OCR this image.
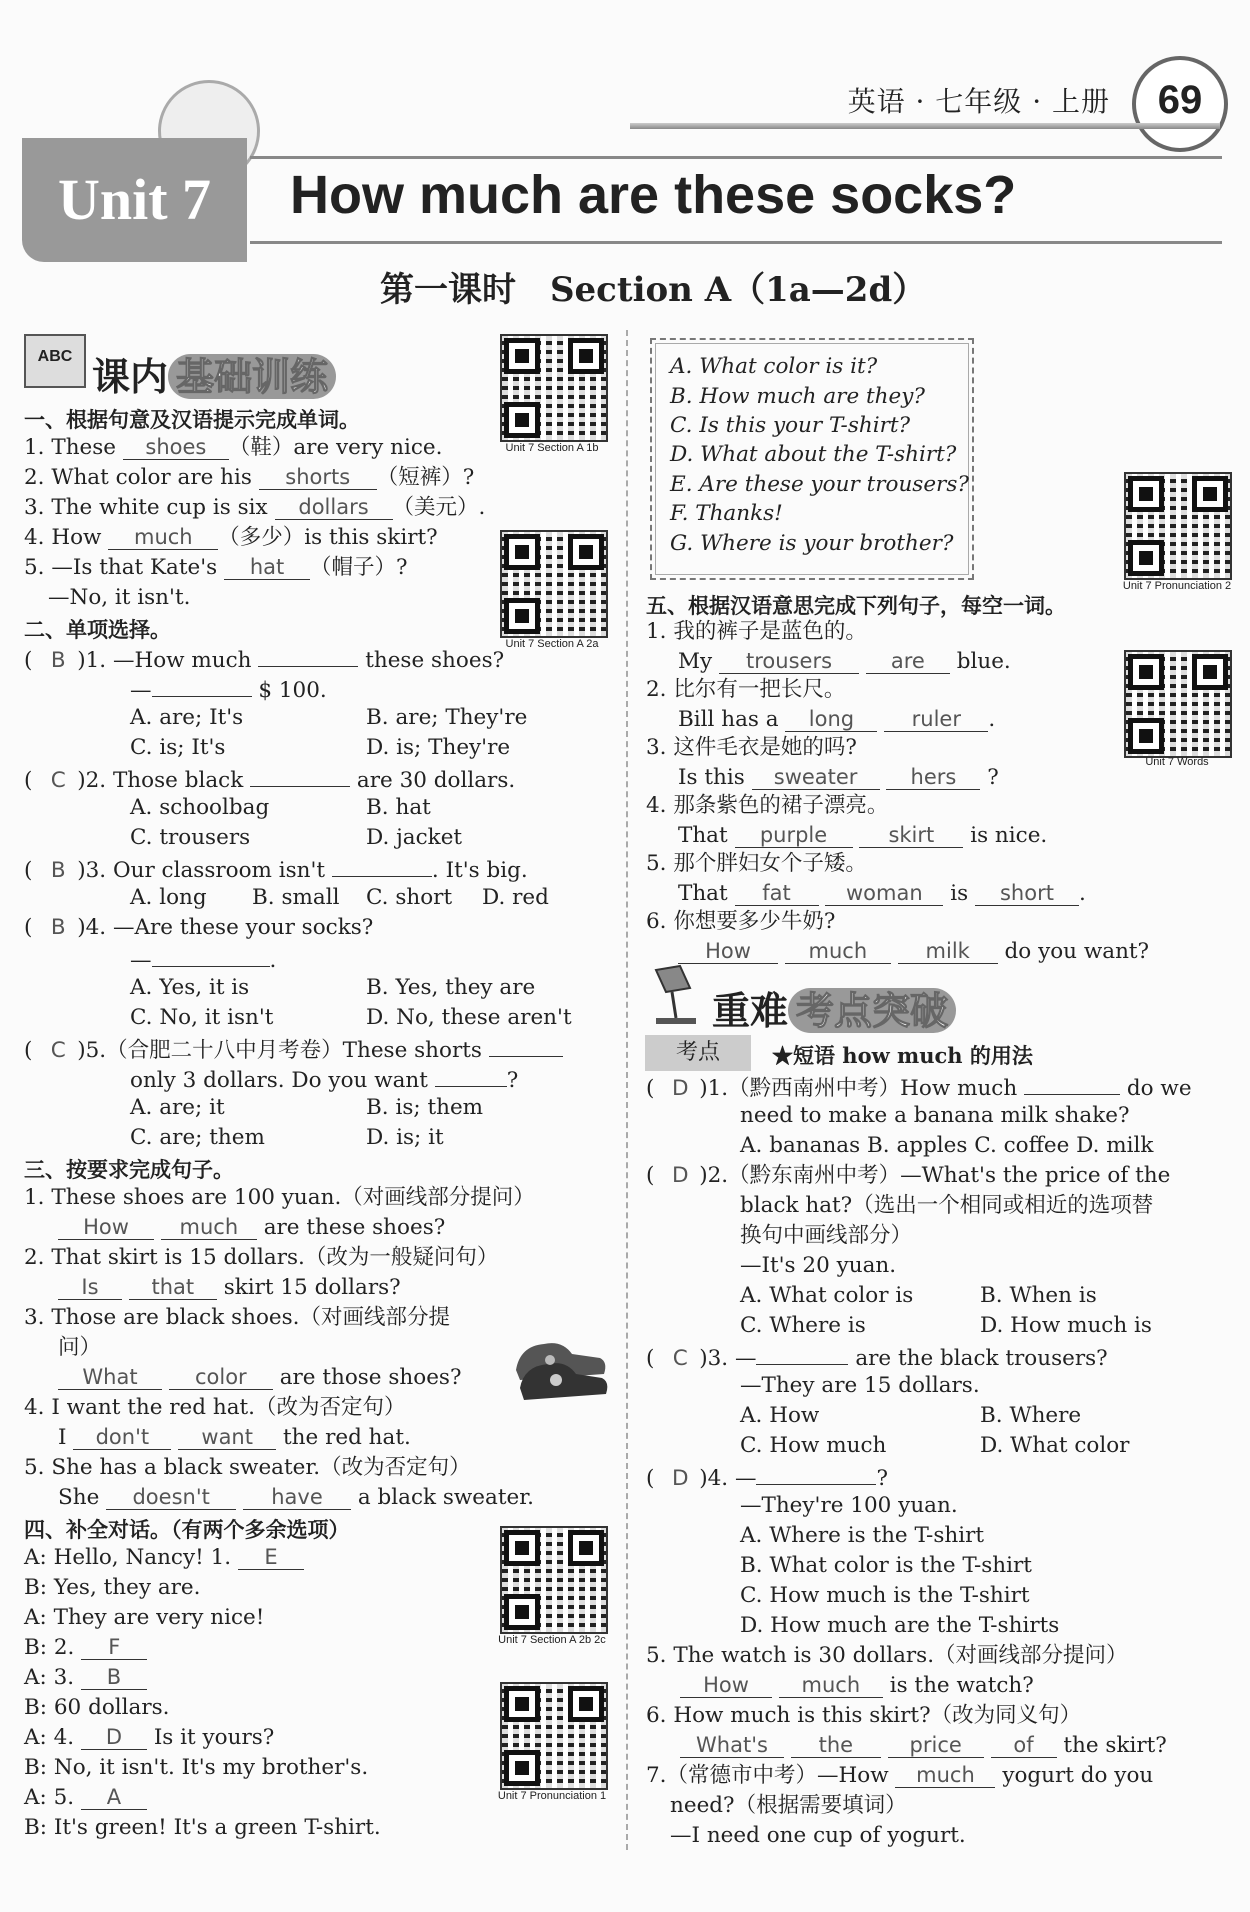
英语 · 七年级 · 上册	69
Unit 7	How much are these socks?
第一课时　Section A（1a—2d）
ABC 课内 基础训练
Unit 7 Section A 1b
Unit 7 Section A 2a
Unit 7 Section A 2b 2c
Unit 7 Pronunciation 1
Unit 7 Pronunciation 2
Unit 7 Words
一、根据句意及汉语提示完成单词。
1. These shoes （鞋）are very nice.
2. What color are his shorts （短裤）?
3. The white cup is six dollars （美元）.
4. How much （多少）is this skirt?
5. —Is that Kate's hat （帽子）?
—No, it isn't.
二、单项选择。
( B )1. —How much	these shoes?
—	$ 100.
A. are; It's	B. are; They're
C. is; It's	D. is; They're
( C )2. Those black	are 30 dollars.
A. schoolbag	B. hat
C. trousers	D. jacket
( B )3. Our classroom isn't	. It's big.
A. long B. small C. short D. red
( B )4. —Are these your socks?
—	.
A. Yes, it is	B. Yes, they are
C. No, it isn't	D. No, these aren't
( C )5.（合肥二十八中月考卷）These shorts
only 3 dollars. Do you want	?
A. are; it	B. is; them
C. are; them	D. is; it
三、按要求完成句子。
1. These shoes are 100 yuan.（对画线部分提问）
How much are these shoes?
2. That skirt is 15 dollars.（改为一般疑问句）
Is	that skirt 15 dollars?
3. Those are black shoes.（对画线部分提
问）
What	color are those shoes?
4. I want the red hat.（改为否定句）
I don't want the red hat.
5. She has a black sweater.（改为否定句）
She doesn't	have a black sweater.
四、补全对话。（有两个多余选项）
A: Hello, Nancy! 1. E
B: Yes, they are.
A: They are very nice!
B: 2. F
A: 3. B
B: 60 dollars.
A: 4. D Is it yours?
B: No, it isn't. It's my brother's.
A: 5. A
B: It's green! It's a green T-shirt.
A. What color is it?
B. How much are they?
C. Is this your T-shirt?
D. What about the T-shirt?
E. Are these your trousers?
F. Thanks!
G. Where is your brother?
五、根据汉语意思完成下列句子，每空一词。
1. 我的裤子是蓝色的。
My trousers	are blue.
2. 比尔有一把长尺。
Bill has a long	ruler .
3. 这件毛衣是她的吗?
Is this sweater	hers ?
4. 那条紫色的裙子漂亮。
That purple	skirt is nice.
5. 那个胖妇女个子矮。
That fat	woman is short .
6. 你想要多少牛奶?
How	much	milk do you want?
重难 考点突破
考点	★短语 how much 的用法
( D )1.（黔西南州中考）How much	do we
need to make a banana milk shake?
A. bananas B. apples C. coffee D. milk
( D )2.（黔东南州中考）—What's the price of the
black hat?（选出一个相同或相近的选项替
换句中画线部分）
—It's 20 yuan.
A. What color is	B. When is
C. Where is	D. How much is
( C )3. —	are the black trousers?
—They are 15 dollars.
A. How	B. Where
C. How much	D. What color
( D )4. —	?
—They're 100 yuan.
A. Where is the T-shirt
B. What color is the T-shirt
C. How much is the T-shirt
D. How much are the T-shirts
5. The watch is 30 dollars.（对画线部分提问）
How	much is the watch?
6. How much is this skirt?（改为同义句）
What's the	price of the skirt?
7.（常德市中考）—How much yogurt do you
need?（根据需要填词）
—I need one cup of yogurt.
